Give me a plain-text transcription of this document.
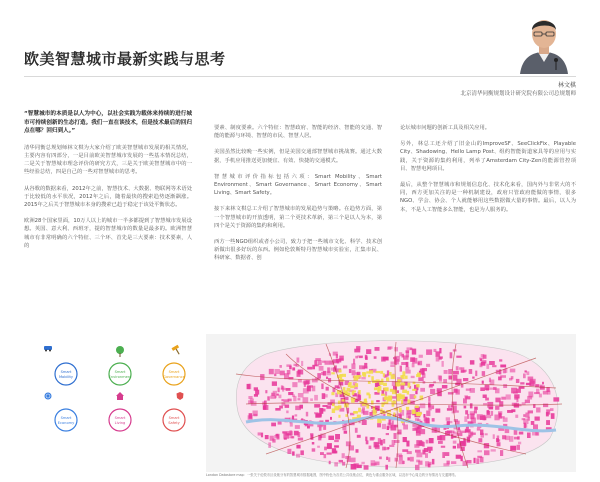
欧美智慧城市最新实践与思考
林文棋
北京清华同衡规划设计研究院有限公司总规划师

“智慧城市的本质是以人为中心，以社会实践为载体来持续的进行城市可持续创新的生态打造。我们一直在谈技术，但是技术最后的回归点在哪？回归到人。”

清华同衡总规划师林文棋为大家介绍了欧美智慧城市发展的相关情况，主要内容有四部分，一是目前欧美智慧城市发展的一些基本情况总结，二是关于智慧城市理念评价的研究方式，三是关于欧美智慧城市中的一些经验总结，四是自己的一些对智慧城市的思考。

从谷歌的数据来看，2012年之前，智慧技术、大数据、物联网等术语处于比较低的水平状况，2012年之后，随着最快的搜索趋势逐渐飙涨。2015年之后关于智慧城市本身的搜索已趋于稳定于该处平衡状态。

欧洲28个国家里面，10万人以上的城市一半多都提到了智慧城市发展设想。英国、意大利、西班牙，提的智慧城市的数量是最多的。欧洲智慧城市有非常明确的六个特征、三个环、首先是三大要素：技术要素，人的

要素、制度要素。六个特征：智慧政府、智能的经济、智能的交通、智能的能源与环境、智慧的市民、智慧人居。

美国虽然比较晚一些实例，但是美国交通部智慧城市挑战赛。通过大数据，手机应用推送更加便宜、有效、快捷的交通模式。

智慧城市评价指标包括六项：Smart Mobility、Smart Environment、Smart Governance、Smart Economy、Smart Living、Smart Safety。

接下来林文棋总工介绍了智慧城市的发展趋势与策略。在趋势方面，第一个智慧城市的开放透明，第二个更技术革新，第三个是以人为本，第四个是关于资源的集约和利用。

西方一些NGO组织或者小公司，致力于把一些城市文化、科学、技术创新做出很多好玩的东西。例如伦敦斯特丹智慧城市实验室，汇集市民、科研家、数据者、创

论坛城市问题的创新工具及相关应用。

另外，林总工还介绍了旧金山的ImproveSF、SeeClickFix、Playable City、Shadowing、Hello Lamp Post、组约智能街道家具等的应用与实践，关于资源的集约利用，列举了Amsterdam City-Zen的能源管控项目、智慧电网项目。

最后，从整个智慧城市和规划信息化、技术化来看，国内外与非常大的不同，西方更加关注的是一种机制建设，政府只管政府能做的事情，很多NGO、学会、协会、个人就能够用这些数据做大量的事情。最后，以人为本，不是人工智能多么智能，也是为人服务的。

Smart
Mobility
Smart
Environment
Smart
Governance
Smart
Economy
Smart
Living
Smart
Safety
London Datastore map：一张关于伦敦市区设施分布的智慧城市数据地图，图中粉色为各类公共设施点位，黄色为重点服务区域，以及市中心周边的分布情况与交通网络。
